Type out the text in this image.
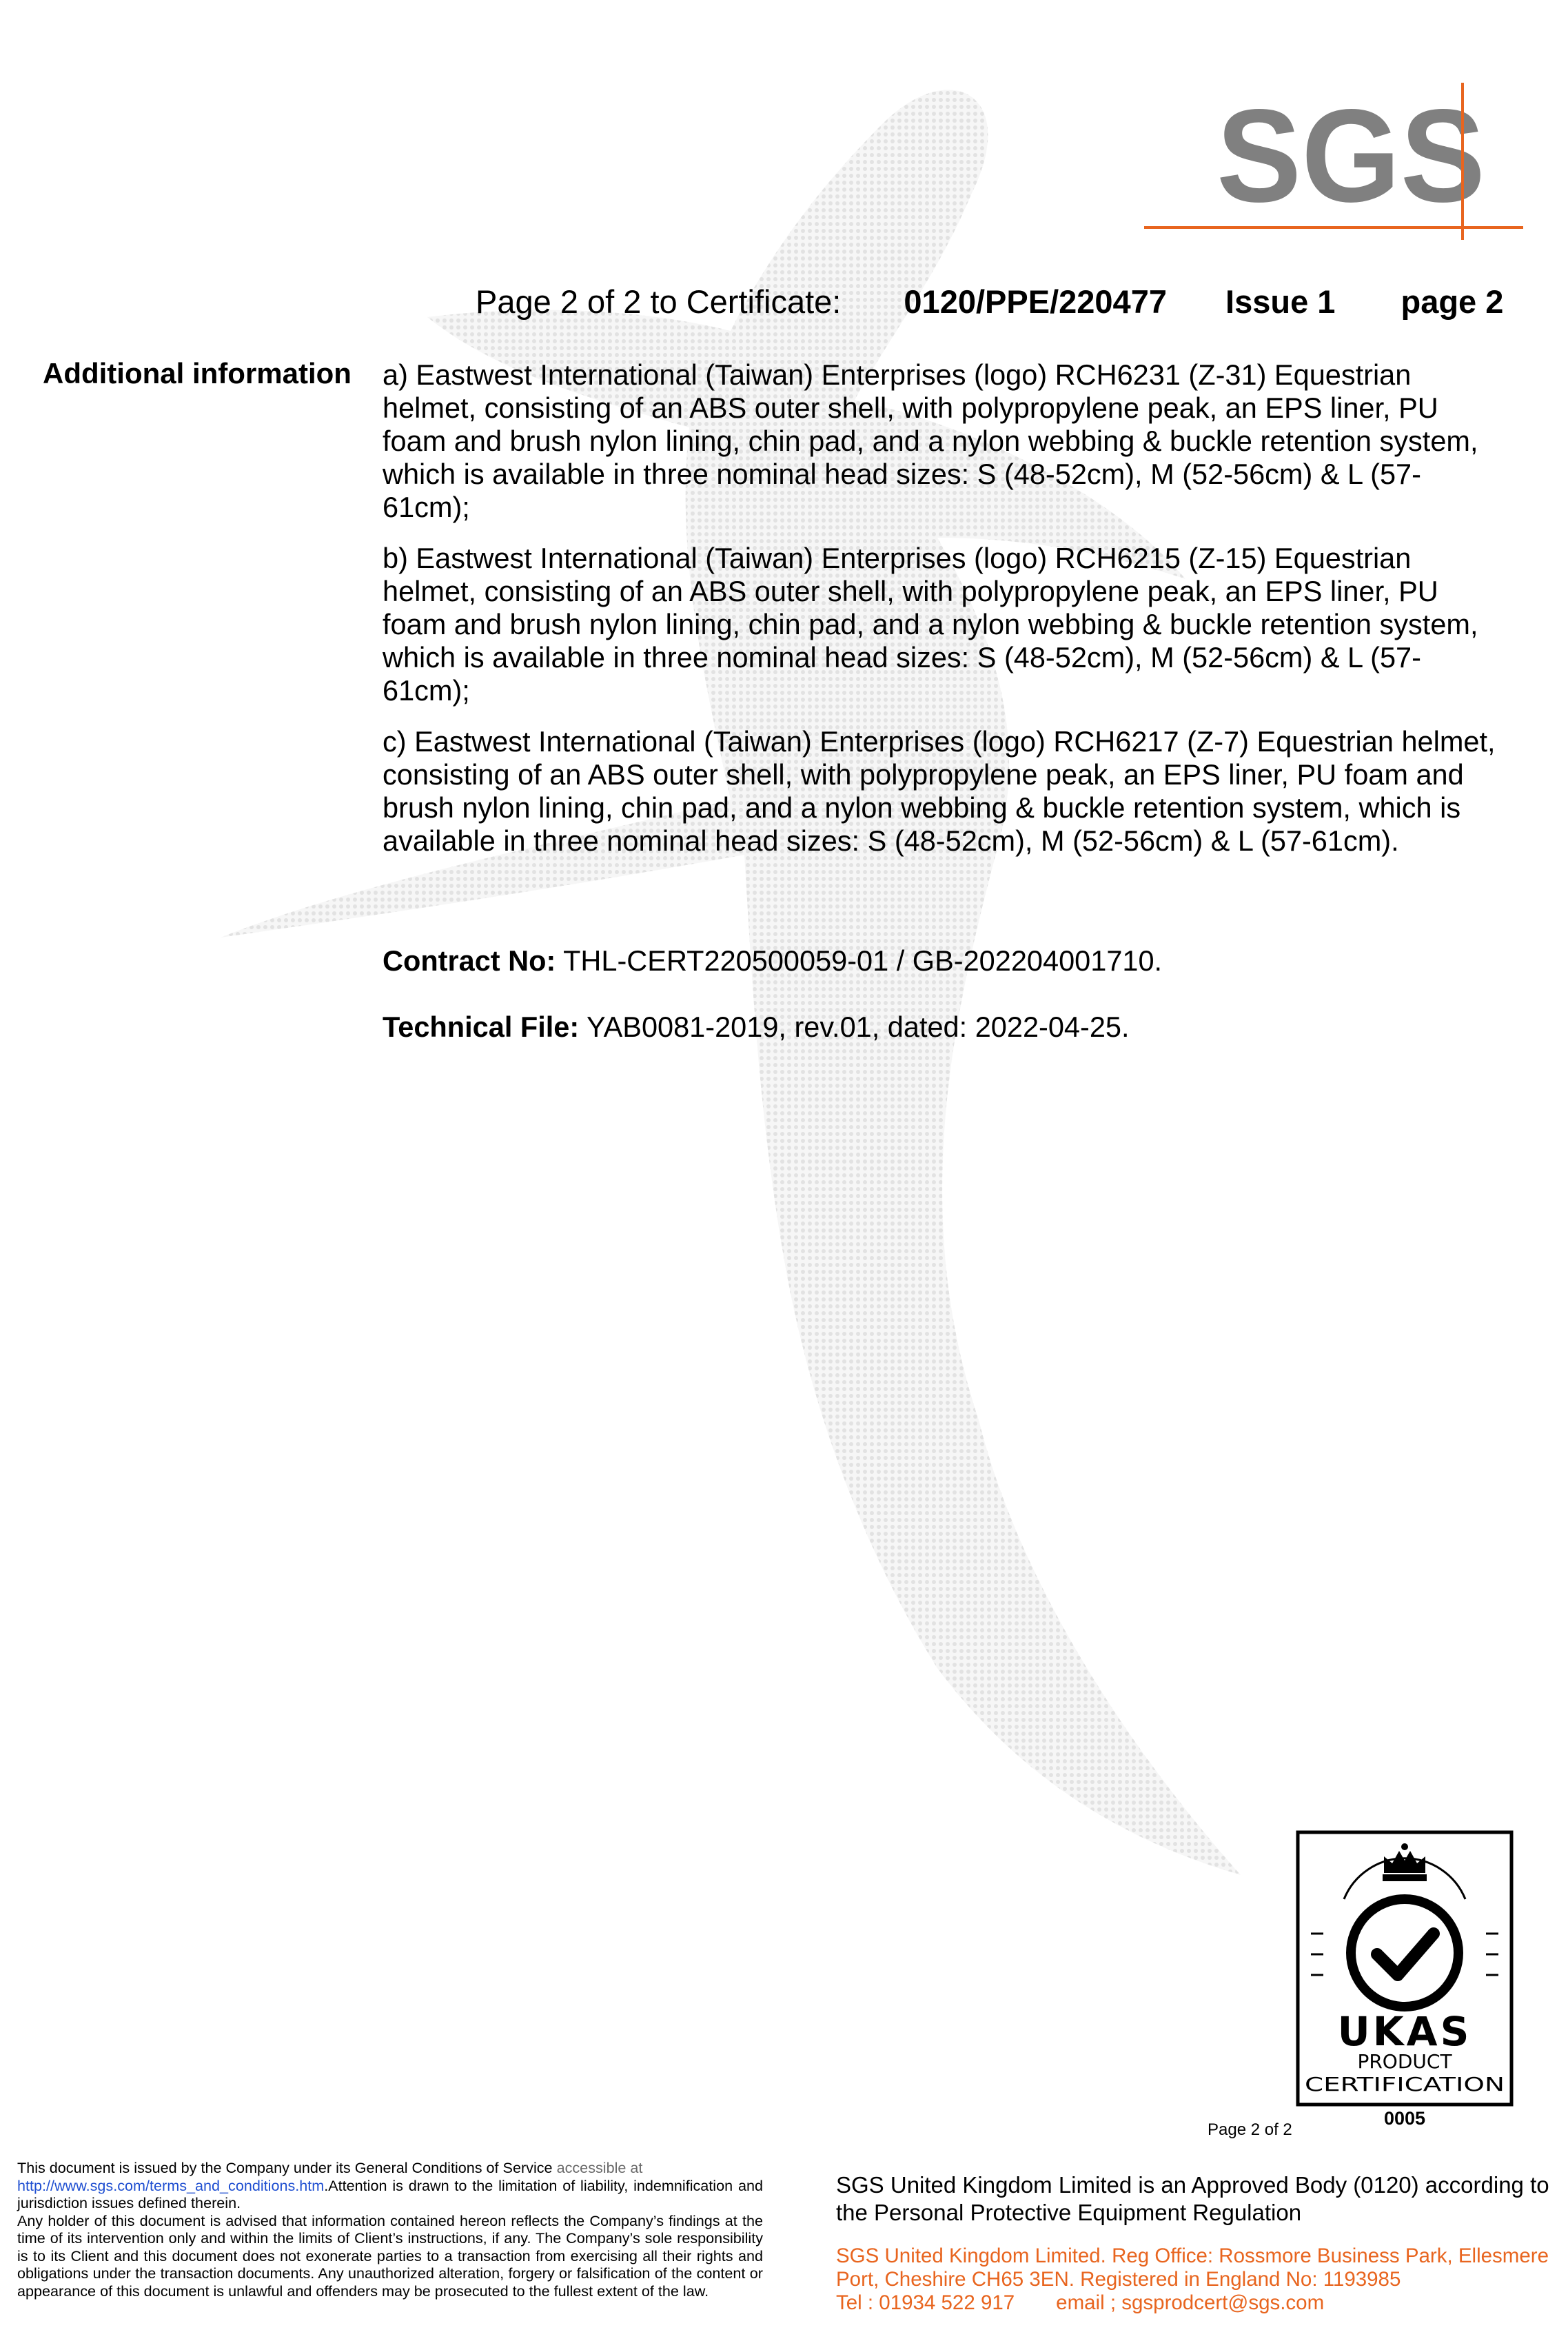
SGS
Page 2 of 2 to Certificate: 0120/PPE/220477 Issue 1 page 2
Additional information a) Eastwest International (Taiwan) Enterprises (logo) RCH6231 (Z-31) Equestrian helmet, consisting of an ABS outer shell, with polypropylene peak, an EPS liner, PU foam and brush nylon lining, chin pad, and a nylon webbing & buckle retention system, which is available in three nominal head sizes: S (48-52cm), M (52-56cm) & L (57-61cm);
b) Eastwest International (Taiwan) Enterprises (logo) RCH6215 (Z-15) Equestrian helmet, consisting of an ABS outer shell, with polypropylene peak, an EPS liner, PU foam and brush nylon lining, chin pad, and a nylon webbing & buckle retention system, which is available in three nominal head sizes: S (48-52cm), M (52-56cm) & L (57-61cm);
c) Eastwest International (Taiwan) Enterprises (logo) RCH6217 (Z-7) Equestrian helmet, consisting of an ABS outer shell, with polypropylene peak, an EPS liner, PU foam and brush nylon lining, chin pad, and a nylon webbing & buckle retention system, which is available in three nominal head sizes: S (48-52cm), M (52-56cm) & L (57-61cm).
Contract No: THL-CERT220500059-01 / GB-202204001710.
Technical File: YAB0081-2019, rev.01, dated: 2022-04-25.
UKAS
PRODUCT
CERTIFICATION
0005
Page 2 of 2
This document is issued by the Company under its General Conditions of Service accessible at
http://www.sgs.com/terms_and_conditions.htm.Attention is drawn to the limitation of liability, indemnification and jurisdiction issues defined therein.
Any holder of this document is advised that information contained hereon reflects the Company’s findings at the time of its intervention only and within the limits of Client’s instructions, if any. The Company’s sole responsibility is to its Client and this document does not exonerate parties to a transaction from exercising all their rights and obligations under the transaction documents. Any unauthorized alteration, forgery or falsification of the content or appearance of this document is unlawful and offenders may be prosecuted to the fullest extent of the law.
SGS United Kingdom Limited is an Approved Body (0120) according to the Personal Protective Equipment Regulation
SGS United Kingdom Limited. Reg Office: Rossmore Business Park, Ellesmere Port, Cheshire CH65 3EN. Registered in England No: 1193985
Tel : 01934 522 917 email ; sgsprodcert@sgs.com
